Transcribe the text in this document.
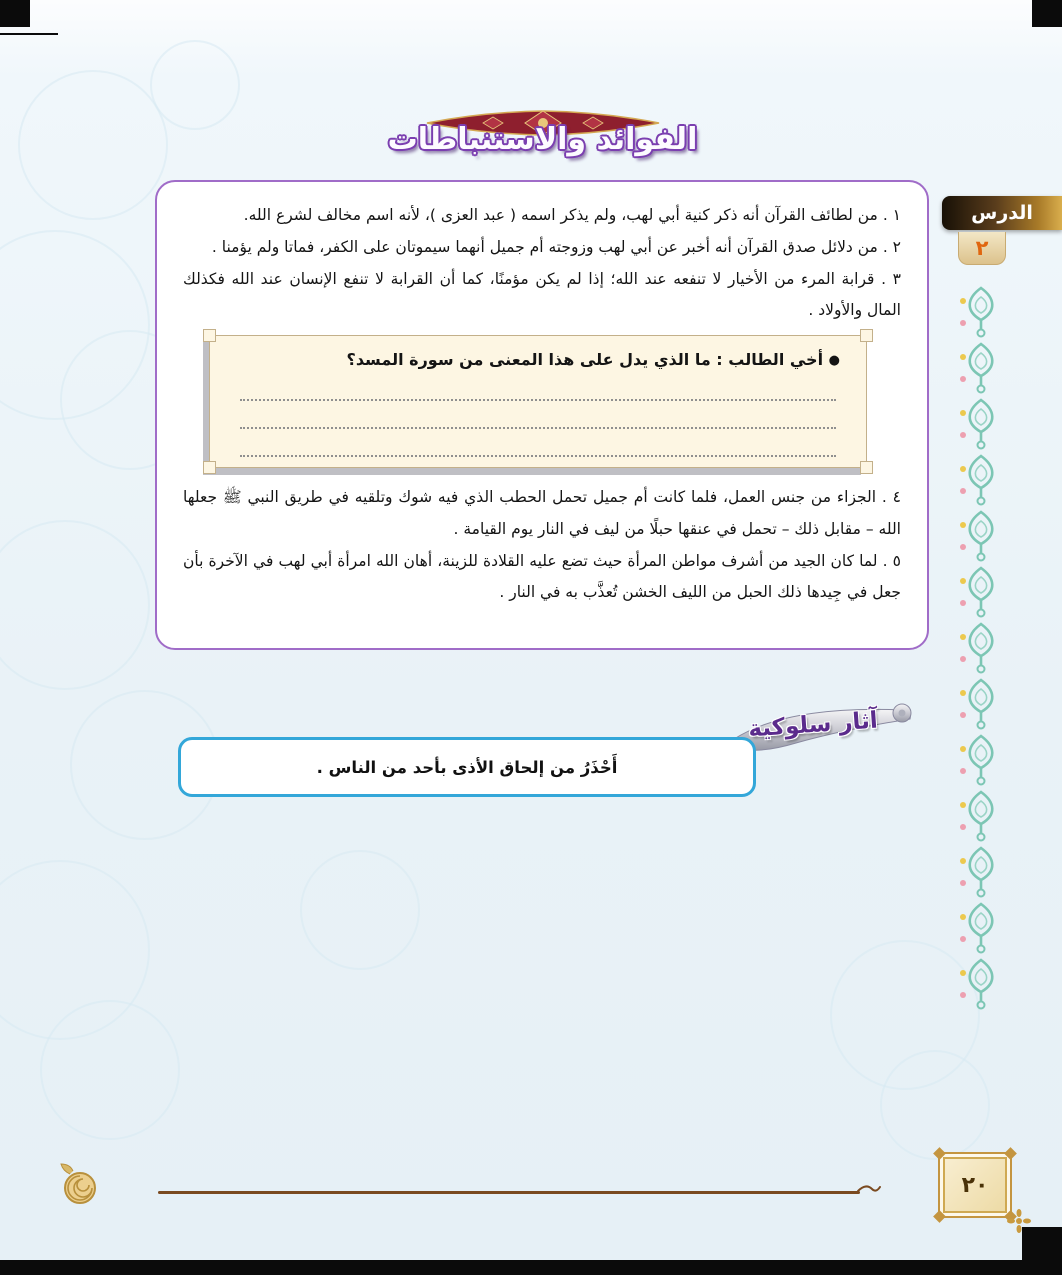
الدرس
٢
الفوائد والاستنباطات

١ . من لطائف القرآن أنه ذكر كنية أبي لهب، ولم يذكر اسمه ( عبد العزى )، لأنه اسم مخالف لشرع الله.

٢ . من دلائل صدق القرآن أنه أخبر عن أبي لهب وزوجته أم جميل أنهما سيموتان على الكفر، فماتا ولم يؤمنا .

٣ . قرابة المرء من الأخيار لا تنفعه عند الله؛ إذا لم يكن مؤمنًا، كما أن القرابة لا تنفع الإنسان عند الله فكذلك المال والأولاد .

● أخي الطالب : ما الذي يدل على هذا المعنى من سورة المسد؟

٤ . الجزاء من جنس العمل، فلما كانت أم جميل تحمل الحطب الذي فيه شوك وتلقيه في طريق النبي ﷺ جعلها الله – مقابل ذلك – تحمل في عنقها حبلًا من ليف في النار يوم القيامة .

٥ . لما كان الجيد من أشرف مواطن المرأة حيث تضع عليه القلادة للزينة، أهان الله امرأة أبي لهب في الآخرة بأن جعل في جِيدها ذلك الحبل من الليف الخشن تُعذَّب به في النار .

آثار سلوكية
أَحْذَرُ من إلحاق الأذى بأحد من الناس .
٢٠
